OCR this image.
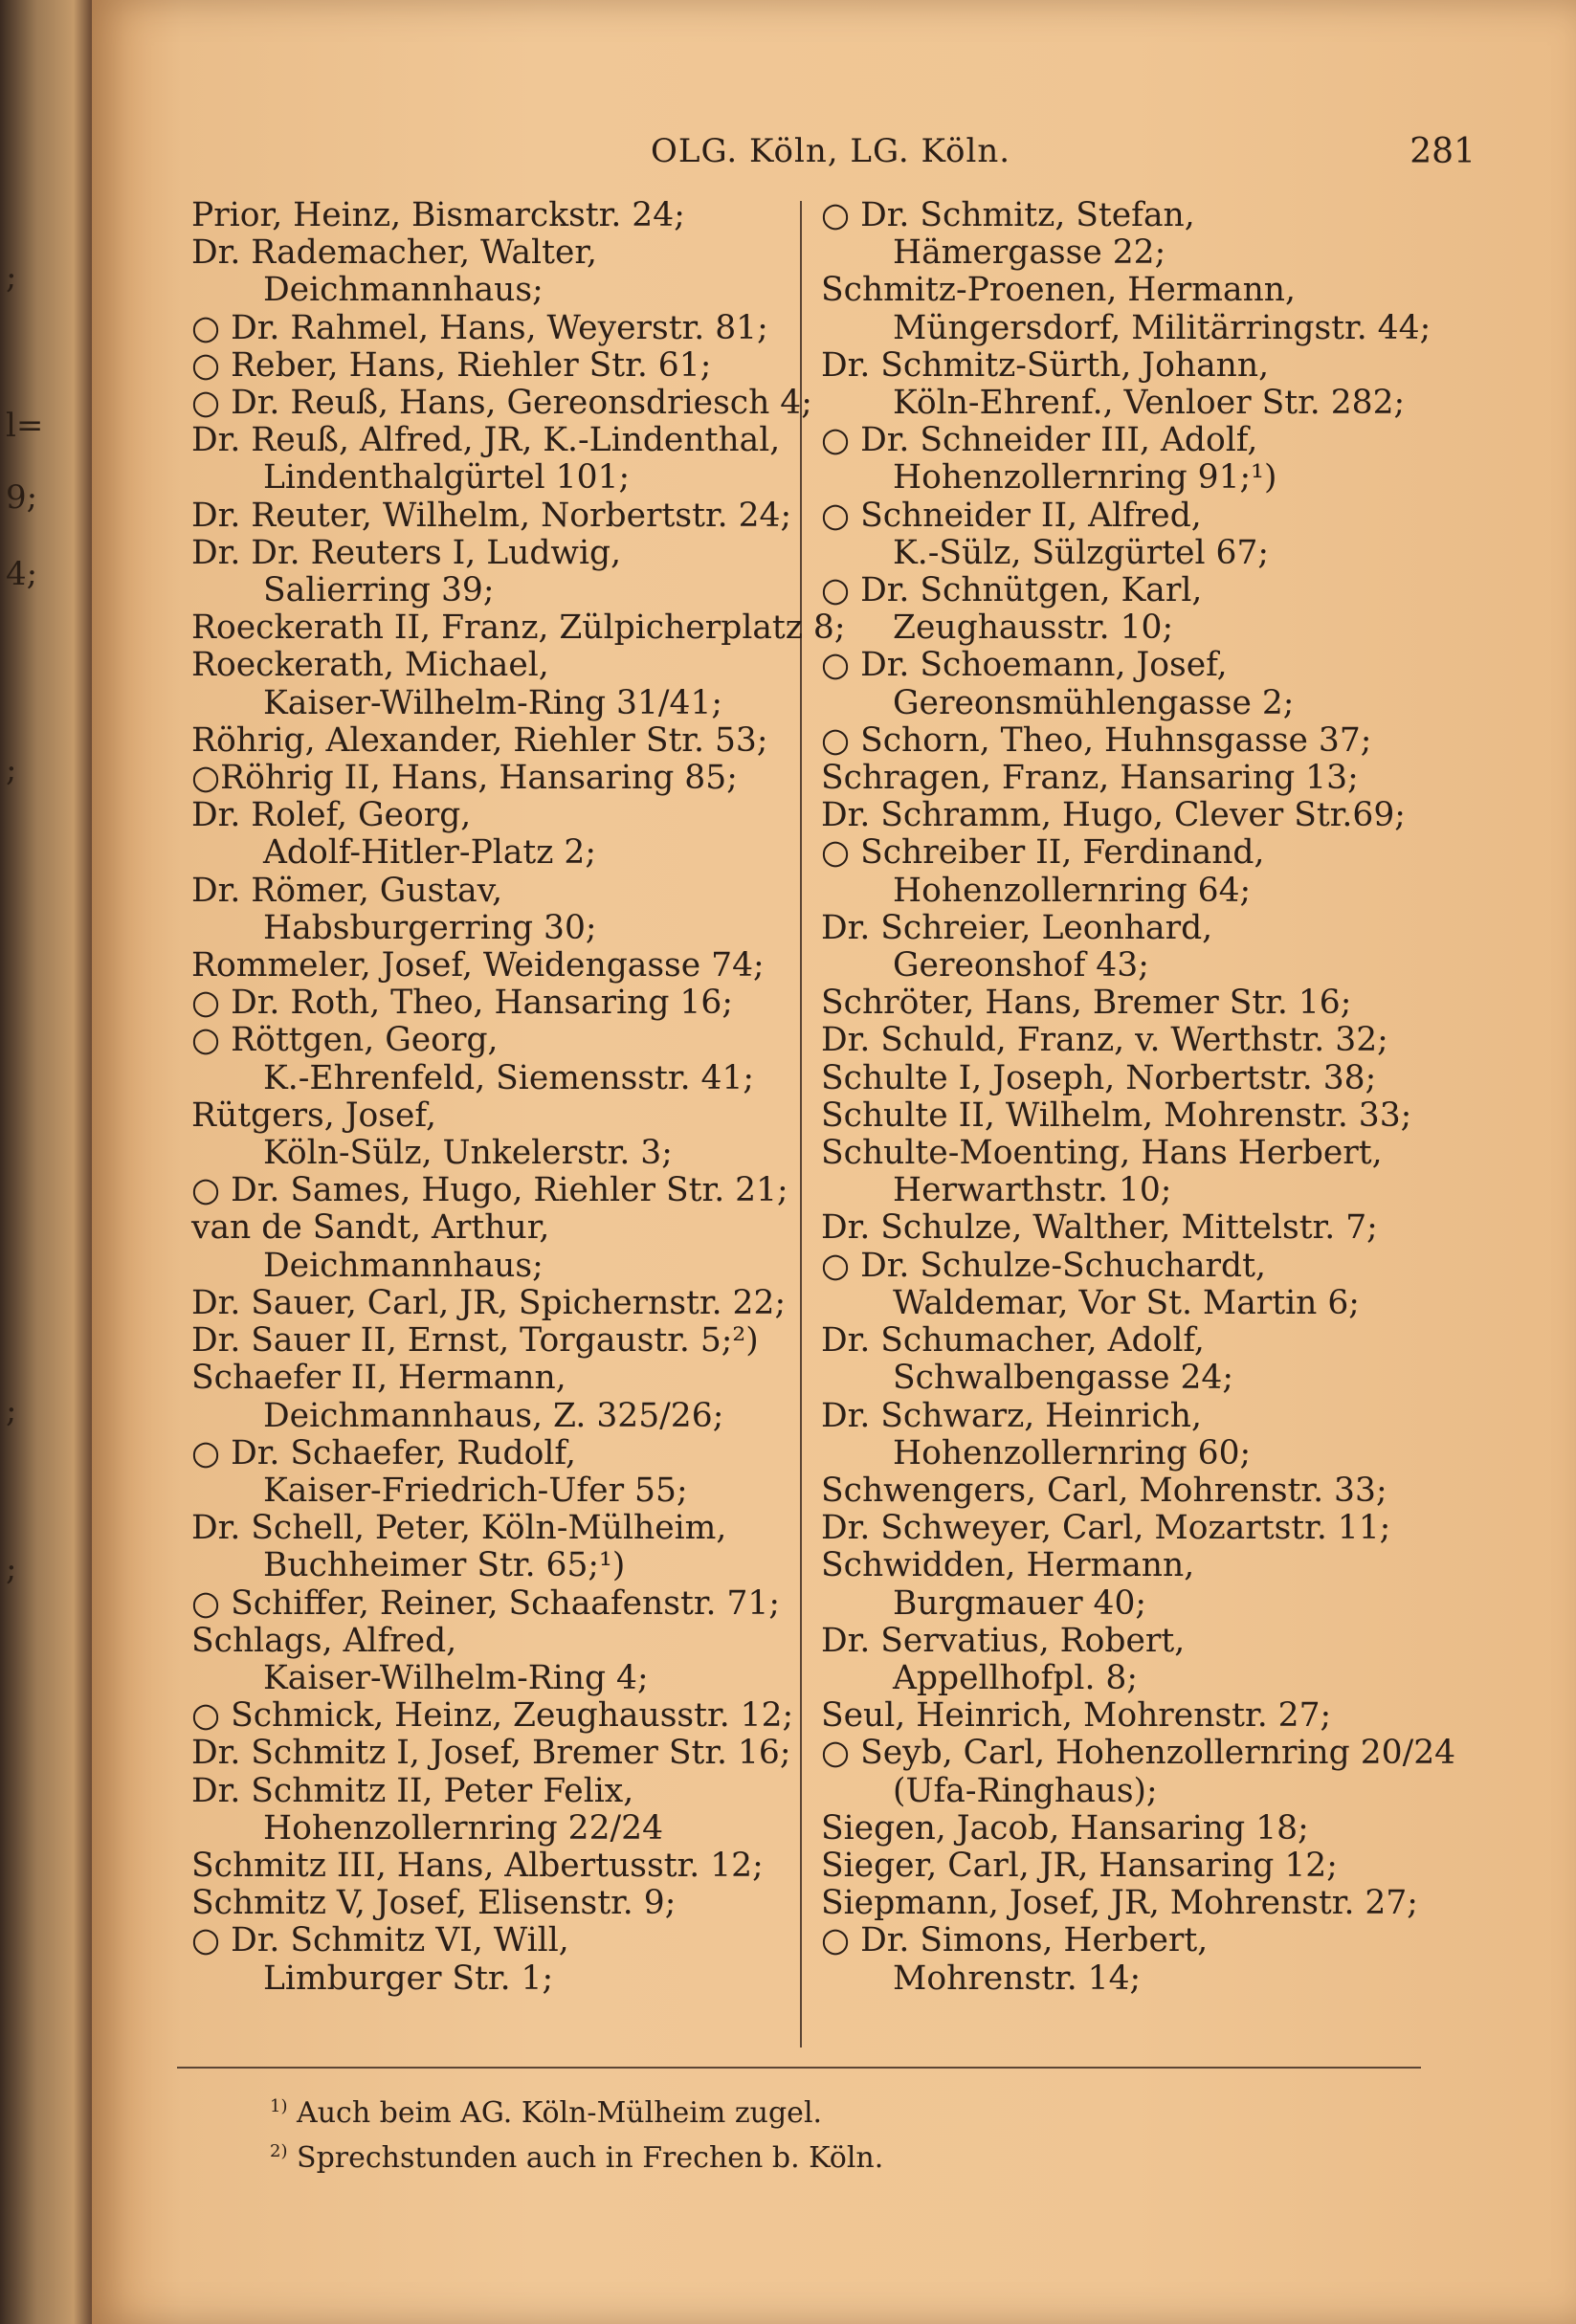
;
l=
9;
4;
;
;
;
OLG. Köln, LG. Köln.	281
Prior, Heinz, Bismarckstr. 24;
Dr. Rademacher, Walter,
Deichmannhaus;
○ Dr. Rahmel, Hans, Weyerstr. 81;
○ Reber, Hans, Riehler Str. 61;
○ Dr. Reuß, Hans, Gereonsdriesch 4;
Dr. Reuß, Alfred, JR, K.-Lindenthal,
Lindenthalgürtel 101;
Dr. Reuter, Wilhelm, Norbertstr. 24;
Dr. Dr. Reuters I, Ludwig,
Salierring 39;
Roeckerath II, Franz, Zülpicherplatz 8;
Roeckerath, Michael,
Kaiser-Wilhelm-Ring 31/41;
Röhrig, Alexander, Riehler Str. 53;
○Röhrig II, Hans, Hansaring 85;
Dr. Rolef, Georg,
Adolf-Hitler-Platz 2;
Dr. Römer, Gustav,
Habsburgerring 30;
Rommeler, Josef, Weidengasse 74;
○ Dr. Roth, Theo, Hansaring 16;
○ Röttgen, Georg,
K.-Ehrenfeld, Siemensstr. 41;
Rütgers, Josef,
Köln-Sülz, Unkelerstr. 3;
○ Dr. Sames, Hugo, Riehler Str. 21;
van de Sandt, Arthur,
Deichmannhaus;
Dr. Sauer, Carl, JR, Spichernstr. 22;
Dr. Sauer II, Ernst, Torgaustr. 5;²)
Schaefer II, Hermann,
Deichmannhaus, Z. 325/26;
○ Dr. Schaefer, Rudolf,
Kaiser-Friedrich-Ufer 55;
Dr. Schell, Peter, Köln-Mülheim,
Buchheimer Str. 65;¹)
○ Schiffer, Reiner, Schaafenstr. 71;
Schlags, Alfred,
Kaiser-Wilhelm-Ring 4;
○ Schmick, Heinz, Zeughausstr. 12;
Dr. Schmitz I, Josef, Bremer Str. 16;
Dr. Schmitz II, Peter Felix,
Hohenzollernring 22/24
Schmitz III, Hans, Albertusstr. 12;
Schmitz V, Josef, Elisenstr. 9;
○ Dr. Schmitz VI, Will,
Limburger Str. 1;
○ Dr. Schmitz, Stefan,
Hämergasse 22;
Schmitz-Proenen, Hermann,
Müngersdorf, Militärringstr. 44;
Dr. Schmitz-Sürth, Johann,
Köln-Ehrenf., Venloer Str. 282;
○ Dr. Schneider III, Adolf,
Hohenzollernring 91;¹)
○ Schneider II, Alfred,
K.-Sülz, Sülzgürtel 67;
○ Dr. Schnütgen, Karl,
Zeughausstr. 10;
○ Dr. Schoemann, Josef,
Gereonsmühlengasse 2;
○ Schorn, Theo, Huhnsgasse 37;
Schragen, Franz, Hansaring 13;
Dr. Schramm, Hugo, Clever Str.69;
○ Schreiber II, Ferdinand,
Hohenzollernring 64;
Dr. Schreier, Leonhard,
Gereonshof 43;
Schröter, Hans, Bremer Str. 16;
Dr. Schuld, Franz, v. Werthstr. 32;
Schulte I, Joseph, Norbertstr. 38;
Schulte II, Wilhelm, Mohrenstr. 33;
Schulte-Moenting, Hans Herbert,
Herwarthstr. 10;
Dr. Schulze, Walther, Mittelstr. 7;
○ Dr. Schulze-Schuchardt,
Waldemar, Vor St. Martin 6;
Dr. Schumacher, Adolf,
Schwalbengasse 24;
Dr. Schwarz, Heinrich,
Hohenzollernring 60;
Schwengers, Carl, Mohrenstr. 33;
Dr. Schweyer, Carl, Mozartstr. 11;
Schwidden, Hermann,
Burgmauer 40;
Dr. Servatius, Robert,
Appellhofpl. 8;
Seul, Heinrich, Mohrenstr. 27;
○ Seyb, Carl, Hohenzollernring 20/24
(Ufa-Ringhaus);
Siegen, Jacob, Hansaring 18;
Sieger, Carl, JR, Hansaring 12;
Siepmann, Josef, JR, Mohrenstr. 27;
○ Dr. Simons, Herbert,
Mohrenstr. 14;
$^{1)}$ Auch beim AG. Köln-Mülheim zugel.
$^{2)}$ Sprechstunden auch in Frechen b. Köln.
